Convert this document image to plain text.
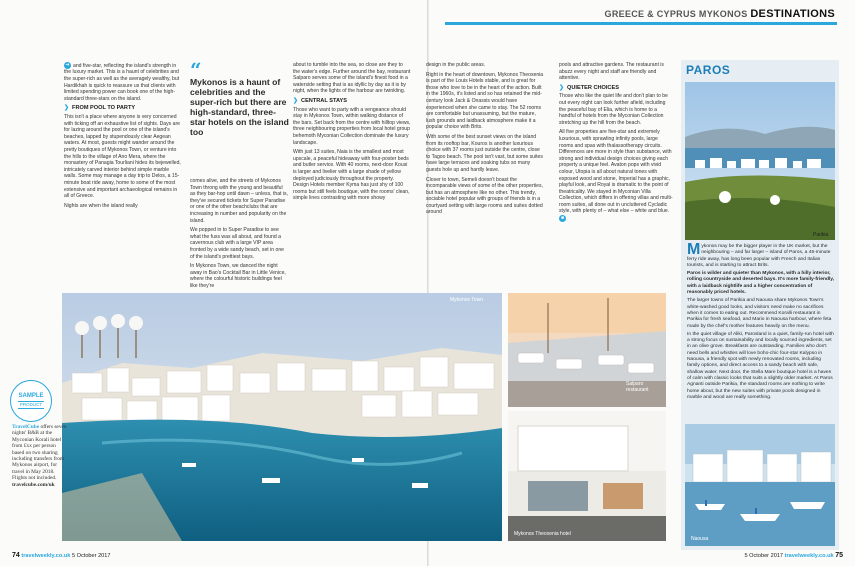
GREECE & CYPRUS MYKONOS DESTINATIONS

➜ and five-star, reflecting the island's strength in the luxury market. This is a haunt of celebrities and the super-rich as well as the averagely wealthy, but Hardikhah is quick to reassure us that clients with limited spending power can book one of the high-standard three-stars on the island.

❯ FROM POOL TO PARTY

This isn't a place where anyone is very concerned with ticking off an exhaustive list of sights. Days are for lazing around the pool or one of the island's beaches, lapped by stupendously clear Aegean waters. At most, guests might wander around the pretty boutiques of Mykonos Town, or venture into the hills to the village of Ano Mera, where the monastery of Panagia Tourliani hides its bejewelled, intricately carved interior behind simple marble walls. Some may manage a day trip to Delos, a 15-minute boat ride away, home to some of the most extensive and important archaeological remains in all of Greece.

Nights are when the island really

“
Mykonos is a haunt of celebrities and the super-rich but there are high-standard, three-star hotels on the island too

comes alive, and the streets of Mykonos Town throng with the young and beautiful as they bar-hop until dawn – unless, that is, they've secured tickets for Super Paradise or one of the other beachclubs that are increasing in number and popularity on the island.

We popped in to Super Paradise to see what the fuss was all about, and found a cavernous club with a large VIP area fronted by a wide sandy beach, set in one of the island's prettiest bays.

In Mykonos Town, we danced the night away in Bao's Cocktail Bar in Little Venice, where the colourful historic buildings feel like they're

about to tumble into the sea, so close are they to the water's edge. Further around the bay, restaurant Salparo serves some of the island's finest food in a waterside setting that is as idyllic by day as it is by night, when the lights of the harbour are twinkling.

❯ CENTRAL STAYS

Those who want to party with a vengeance should stay in Mykonos Town, within walking distance of the bars. Set back from the centre with hilltop views, three neighbouring properties from local hotel group behemoth Myconian Collection dominate the luxury landscape.

With just 13 suites, Naia is the smallest and most upscale, a peaceful hideaway with four-poster beds and butler service. With 40 rooms, next-door Kousi is larger and livelier with a large shade of yellow deployed judiciously throughout the property. Design Hotels member Kyma has just shy of 100 rooms but still feels boutique, with the rooms' clean, simple lines contrasting with more showy

design in the public areas.

Right in the heart of downtown, Mykonos Theoxenia is part of the Louis Hotels stable, and is great for those who love to be in the heart of the action. Built in the 1960s, it's listed and so has retained the mid-century look Jack & Onassis would have experienced when she came to stay. The 52 rooms are comfortable but unassuming, but the mature, lush grounds and laidback atmosphere make it a popular choice with Brits.

With some of the best sunset views on the island from its rooftop bar, Kouros is another luxurious choice with 37 rooms just outside the centre, close to Tagoo beach. The pool isn't vast, but some suites have large terraces and soaking tubs so many guests hole up and hardly leave.

Closer to town, Semeli doesn't boast the incomparable views of some of the other properties, but has an atmosphere like no other. This trendy, sociable hotel popular with groups of friends is in a courtyard setting with large rooms and suites dotted around

pools and attractive gardens. The restaurant is abuzz every night and staff are friendly and attentive.

❯ QUIETER CHOICES

Those who like the quiet life and don't plan to be out every night can look further afield, including the peaceful bay of Elia, which is home to a handful of hotels from the Myconian Collection stretching up the hill from the beach.

All five properties are five-star and extremely luxurious, with sprawling infinity pools, large rooms and spas with thalassotherapy circuits. Differences are more in style than substance, with strong and individual design choices giving each property a unique feel. Avaton pops with vivid colour, Utopia is all about natural tones with exposed wood and stone, Imperial has a graphic, playful look, and Royal is dramatic to the point of theatricality. We stayed in Myconian Villa Collection, which differs in offering villas and multi-room suites, all done out in uncluttered Cycladic style, with plenty of – what else – white and blue. ■

Mykonos Town
Salparo restaurant
Mykonos Theoxenia hotel
SAMPLE
PRODUCT
TravelCube offers seven nights' B&B at the Myconian Korali hotel from £xx per person based on two sharing including transfers from Mykonos airport, for travel in May 2018. Flights not included. travelcube.com/uk
PAROS
Parikia

Mykonos may be the bigger player in the UK market, but the neighbouring – and far larger – island of Paros, a 45-minute ferry ride away, has long been popular with French and Italian tourists, and is starting to attract Brits.

Paros is wilder and quieter than Mykonos, with a hilly interior, rolling countryside and deserted bays. It's more family-friendly, with a laidback nightlife and a higher concentration of reasonably priced hotels.

The larger towns of Parikia and Naousa share Mykonos Town's white-washed good looks, and visitors need make no sacrifices when it comes to eating out. Recommend Koralli restaurant in Parikia for fresh seafood, and Mario in Naousa harbour, where feta made by the chef's mother features heavily on the menu.

In the quiet village of Aliki, Parosland is a quiet, family-run hotel with a strong focus on sustainability and locally sourced ingredients, set in an olive grove. Breakfasts are outstanding. Families who don't need bells and whistles will love boho-chic four-star Kalypso in Naousa, a friendly spot with newly renovated rooms, including family options, and direct access to a sandy beach with safe, shallow water. Next door, the Stella Mare boutique hotel is a haven of calm with classic looks that suits a slightly older market. At Paros Agnanti outside Parikia, the standard rooms are nothing to write home about, but the new suites with private pools designed in marble and wood are really something.

Naousa
74 travelweekly.co.uk 5 October 2017	5 October 2017 travelweekly.co.uk 75
